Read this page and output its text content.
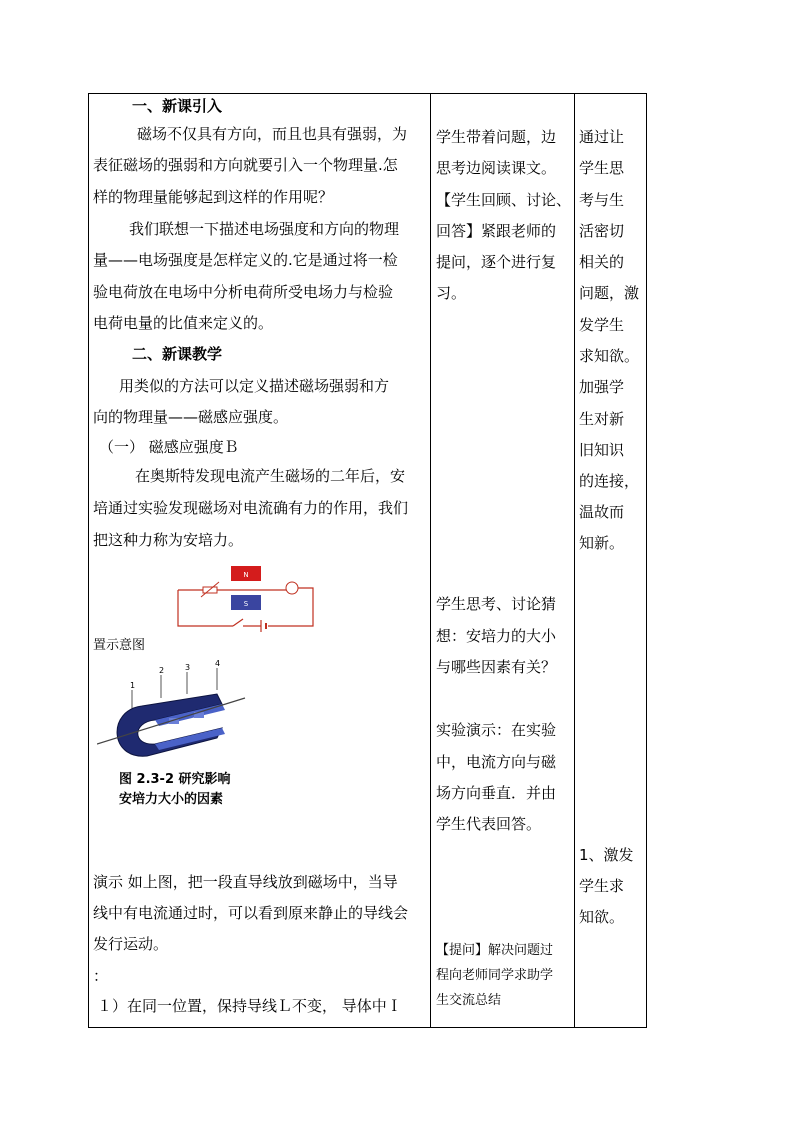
一、新课引入
磁场不仅具有方向，而且也具有强弱，为
表征磁场的强弱和方向就要引入一个物理量.怎
样的物理量能够起到这样的作用呢？
我们联想一下描述电场强度和方向的物理
量——电场强度是怎样定义的.它是通过将一检
验电荷放在电场中分析电荷所受电场力与检验
电荷电量的比值来定义的。
二、新课教学
用类似的方法可以定义描述磁场强弱和方
向的物理量——磁感应强度。
（一） 磁感应强度Ｂ
在奥斯特发现电流产生磁场的二年后，安
培通过实验发现磁场对电流确有力的作用，我们
把这种力称为安培力。
N
S
置示意图
1
2	3	4
图 2.3-2 研究影响
安培力大小的因素
演示 如上图，把一段直导线放到磁场中，当导
线中有电流通过时，可以看到原来静止的导线会
发行运动。
：
１）在同一位置，保持导线Ｌ不变， 导体中Ｉ
学生带着问题，边
思考边阅读课文。
【学生回顾、讨论、
回答】紧跟老师的
提问，逐个进行复
习。
学生思考、讨论猜
想：安培力的大小
与哪些因素有关？
实验演示：在实验
中，电流方向与磁
场方向垂直．并由
学生代表回答。
【提问】解决问题过
程向老师同学求助学
生交流总结
通过让
学生思
考与生
活密切
相关的
问题，激
发学生
求知欲。
加强学
生对新
旧知识
的连接，
温故而
知新。
1、激发
学生求
知欲。
